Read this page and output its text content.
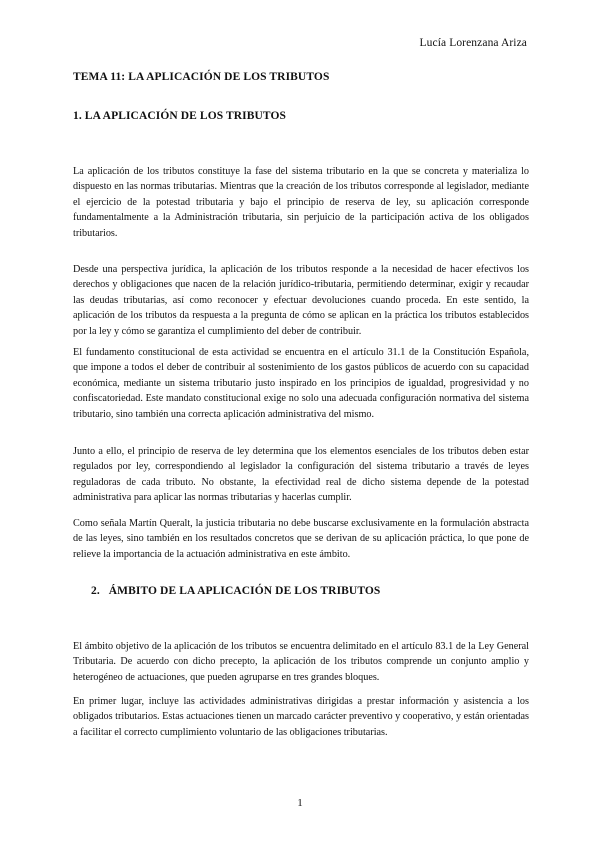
Lucía Lorenzana Ariza
TEMA 11: LA APLICACIÓN DE LOS TRIBUTOS
1. LA APLICACIÓN DE LOS TRIBUTOS

La aplicación de los tributos constituye la fase del sistema tributario en la que se concreta y materializa lo dispuesto en las normas tributarias. Mientras que la creación de los tributos corresponde al legislador, mediante el ejercicio de la potestad tributaria y bajo el principio de reserva de ley, su aplicación corresponde fundamentalmente a la Administración tributaria, sin perjuicio de la participación activa de los obligados tributarios.

Desde una perspectiva jurídica, la aplicación de los tributos responde a la necesidad de hacer efectivos los derechos y obligaciones que nacen de la relación jurídico-tributaria, permitiendo determinar, exigir y recaudar las deudas tributarias, así como reconocer y efectuar devoluciones cuando proceda. En este sentido, la aplicación de los tributos da respuesta a la pregunta de cómo se aplican en la práctica los tributos establecidos por la ley y cómo se garantiza el cumplimiento del deber de contribuir.

El fundamento constitucional de esta actividad se encuentra en el artículo 31.1 de la Constitución Española, que impone a todos el deber de contribuir al sostenimiento de los gastos públicos de acuerdo con su capacidad económica, mediante un sistema tributario justo inspirado en los principios de igualdad, progresividad y no confiscatoriedad. Este mandato constitucional exige no solo una adecuada configuración normativa del sistema tributario, sino también una correcta aplicación administrativa del mismo.

Junto a ello, el principio de reserva de ley determina que los elementos esenciales de los tributos deben estar regulados por ley, correspondiendo al legislador la configuración del sistema tributario a través de leyes reguladoras de cada tributo. No obstante, la efectividad real de dicho sistema depende de la potestad administrativa para aplicar las normas tributarias y hacerlas cumplir.

Como señala Martín Queralt, la justicia tributaria no debe buscarse exclusivamente en la formulación abstracta de las leyes, sino también en los resultados concretos que se derivan de su aplicación práctica, lo que pone de relieve la importancia de la actuación administrativa en este ámbito.

2.   ÁMBITO DE LA APLICACIÓN DE LOS TRIBUTOS

El ámbito objetivo de la aplicación de los tributos se encuentra delimitado en el artículo 83.1 de la Ley General Tributaria. De acuerdo con dicho precepto, la aplicación de los tributos comprende un conjunto amplio y heterogéneo de actuaciones, que pueden agruparse en tres grandes bloques.

En primer lugar, incluye las actividades administrativas dirigidas a prestar información y asistencia a los obligados tributarios. Estas actuaciones tienen un marcado carácter preventivo y cooperativo, y están orientadas a facilitar el correcto cumplimiento voluntario de las obligaciones tributarias.

1
